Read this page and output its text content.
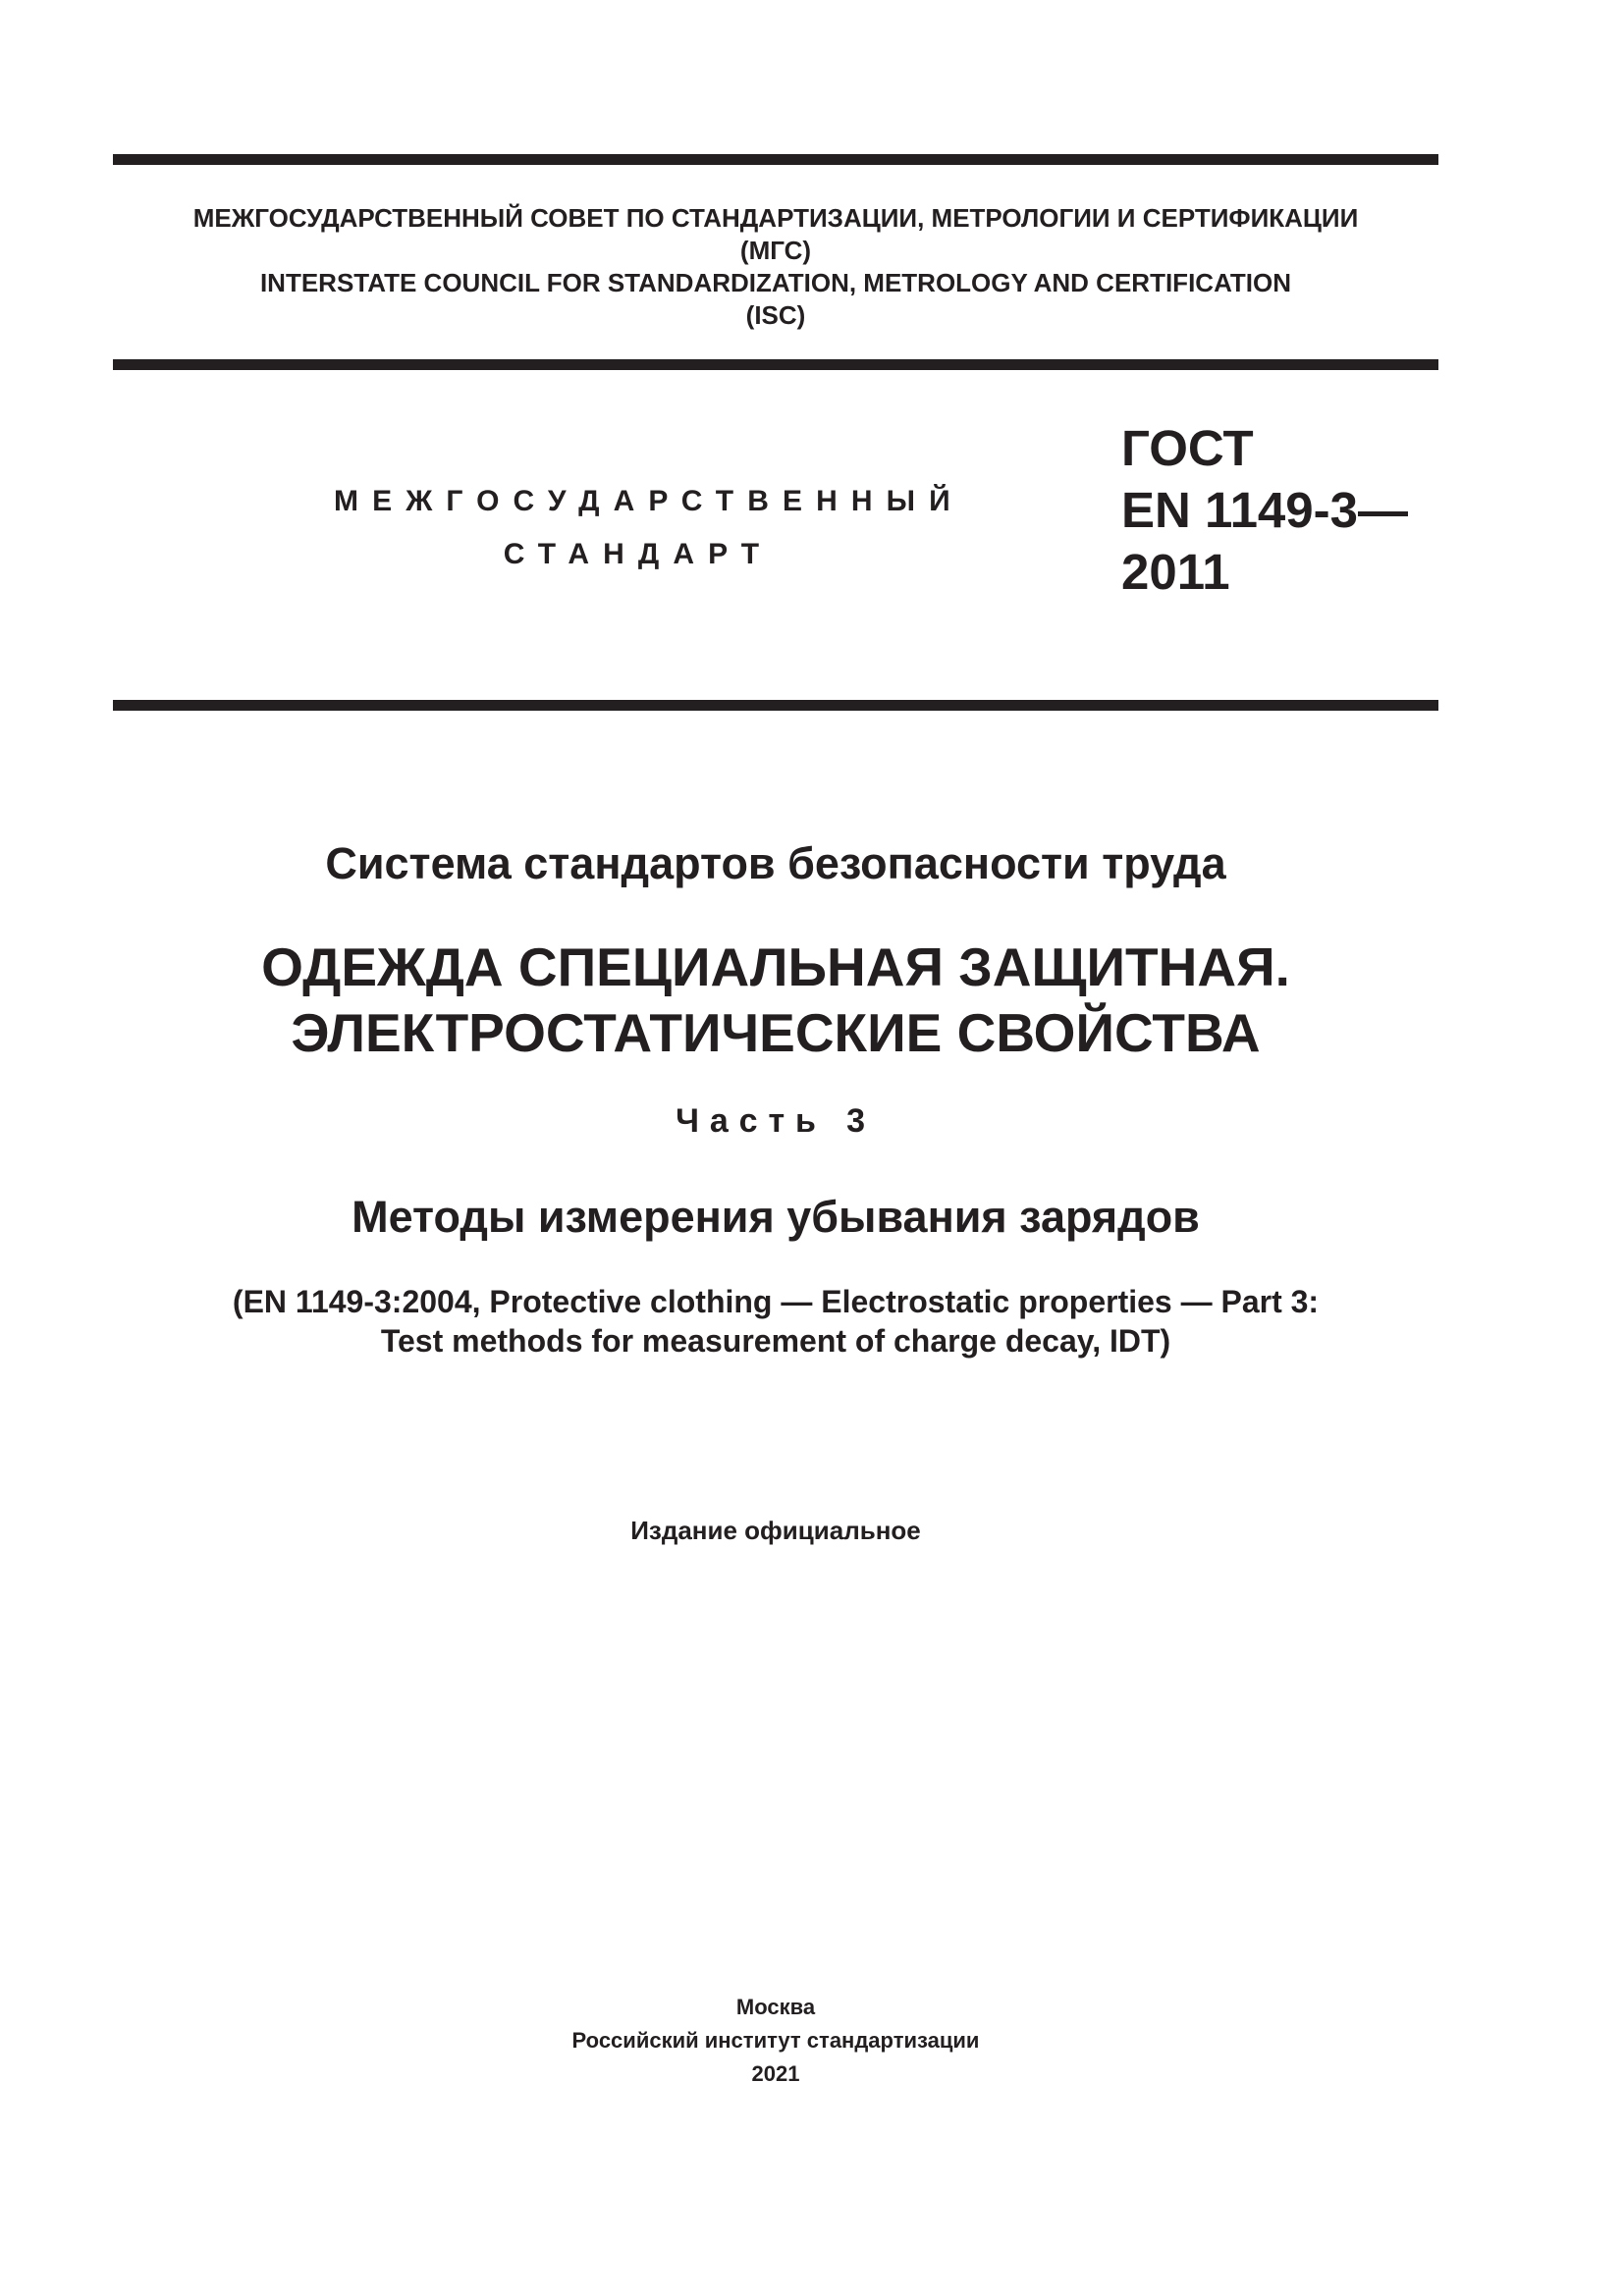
МЕЖГОСУДАРСТВЕННЫЙ СОВЕТ ПО СТАНДАРТИЗАЦИИ, МЕТРОЛОГИИ И СЕРТИФИКАЦИИ
(МГС)
INTERSTATE COUNCIL FOR STANDARDIZATION, METROLOGY AND CERTIFICATION
(ISC)
МЕЖГОСУДАРСТВЕННЫЙ
СТАНДАРТ
ГОСТ
EN 1149-3—
2011
Система стандартов безопасности труда
ОДЕЖДА СПЕЦИАЛЬНАЯ ЗАЩИТНАЯ.
ЭЛЕКТРОСТАТИЧЕСКИЕ СВОЙСТВА
Часть 3
Методы измерения убывания зарядов
(EN 1149-3:2004, Protective clothing — Electrostatic properties — Part 3:
Test methods for measurement of charge decay, IDT)
Издание официальное
Москва
Российский институт стандартизации
2021
